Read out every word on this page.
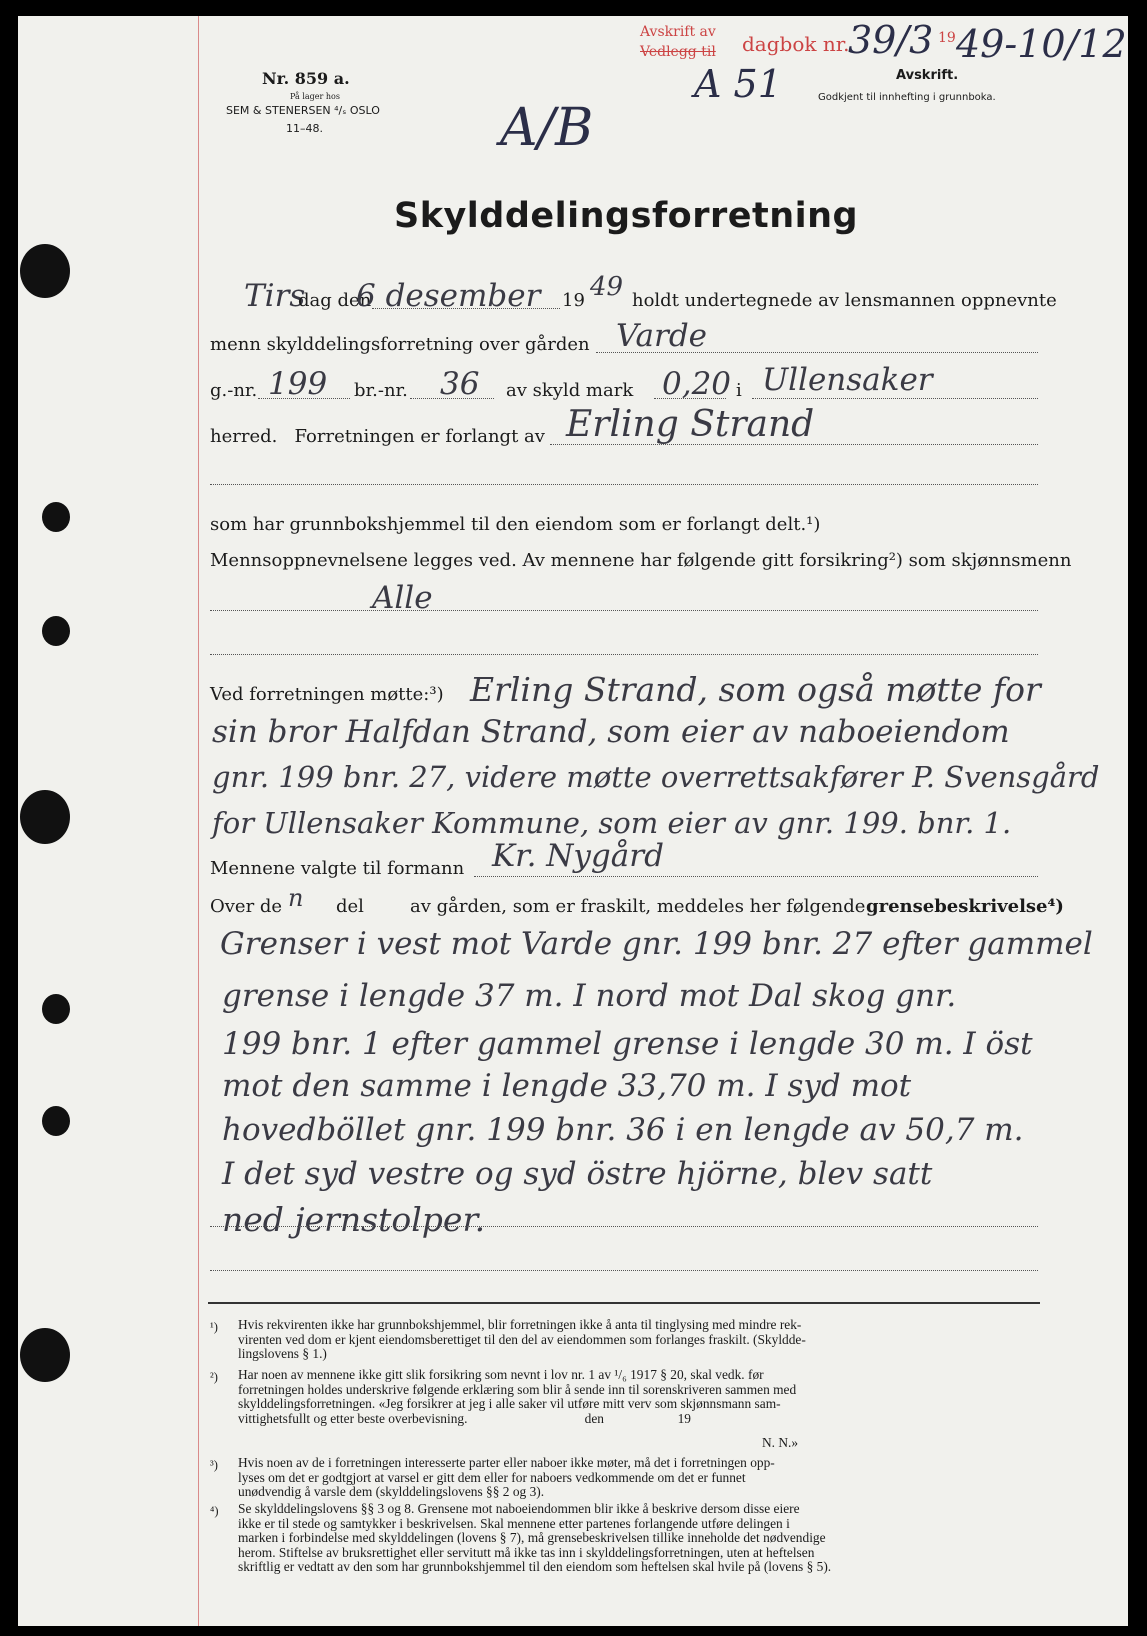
Nr. 859 a.
På lager hos
SEM & STENERSEN ⁴/ₛ OSLO
11–48.
Avskrift av
Vedlegg til dagbok nr.	19
39/3 49-10/12
A 51	Avskrift.
Godkjent til innhefting i grunnboka.
A/B
Skylddelingsforretning
Tirs
dag den
6 desember 19 49 holdt undertegnede av lensmannen oppnevnte
menn skylddelingsforretning over gården Varde
g.-nr. 199 br.-nr. 36 av skyld mark 0,20 i Ullensaker
herred.   Forretningen er forlangt av Erling Strand
som har grunnbokshjemmel til den eiendom som er forlangt delt.¹)
Mennsoppnevnelsene legges ved. Av mennene har følgende gitt forsikring²) som skjønnsmenn
Alle
Ved forretningen møtte:³) Erling Strand, som også møtte for
sin bror Halfdan Strand, som eier av naboeiendom
gnr. 199 bnr. 27, videre møtte overrettsakfører P. Svensgård
for Ullensaker Kommune, som eier av gnr. 199. bnr. 1.
Mennene valgte til formann Kr. Nygård
Over de n del	av gården, som er fraskilt, meddeles her følgende grensebeskrivelse⁴)
Grenser i vest mot Varde gnr. 199 bnr. 27 efter gammel
grense i lengde 37 m. I nord mot Dal skog gnr.
199 bnr. 1 efter gammel grense i lengde 30 m. I öst
mot den samme i lengde 33,70 m. I syd mot
hovedböllet gnr. 199 bnr. 36 i en lengde av 50,7 m.
I det syd vestre og syd östre hjörne, blev satt
ned jernstolper.
¹) Hvis rekvirenten ikke har grunnbokshjemmel, blir forretningen ikke å anta til tinglysing med mindre rek-
virenten ved dom er kjent eiendomsberettiget til den del av eiendommen som forlanges fraskilt. (Skyldde-
lingslovens § 1.)
²) Har noen av mennene ikke gitt slik forsikring som nevnt i lov nr. 1 av ¹/₆ 1917 § 20, skal vedk. før
forretningen holdes underskrive følgende erklæring som blir å sende inn til sorenskriveren sammen med
skylddelingsforretningen. «Jeg forsikrer at jeg i alle saker vil utføre mitt verv som skjønnsmann sam-
vittighetsfullt og etter beste overbevisning.                                   den                      19
N. N.»
³) Hvis noen av de i forretningen interesserte parter eller naboer ikke møter, må det i forretningen opp-
lyses om det er godtgjort at varsel er gitt dem eller for naboers vedkommende om det er funnet
unødvendig å varsle dem (skylddelingslovens §§ 2 og 3).
⁴) Se skylddelingslovens §§ 3 og 8. Grensene mot naboeiendommen blir ikke å beskrive dersom disse eiere
ikke er til stede og samtykker i beskrivelsen. Skal mennene etter partenes forlangende utføre delingen i
marken i forbindelse med skylddelingen (lovens § 7), må grensebeskrivelsen tillike inneholde det nødvendige
herom. Stiftelse av bruksrettighet eller servitutt må ikke tas inn i skylddelingsforretningen, uten at heftelsen
skriftlig er vedtatt av den som har grunnbokshjemmel til den eiendom som heftelsen skal hvile på (lovens § 5).
